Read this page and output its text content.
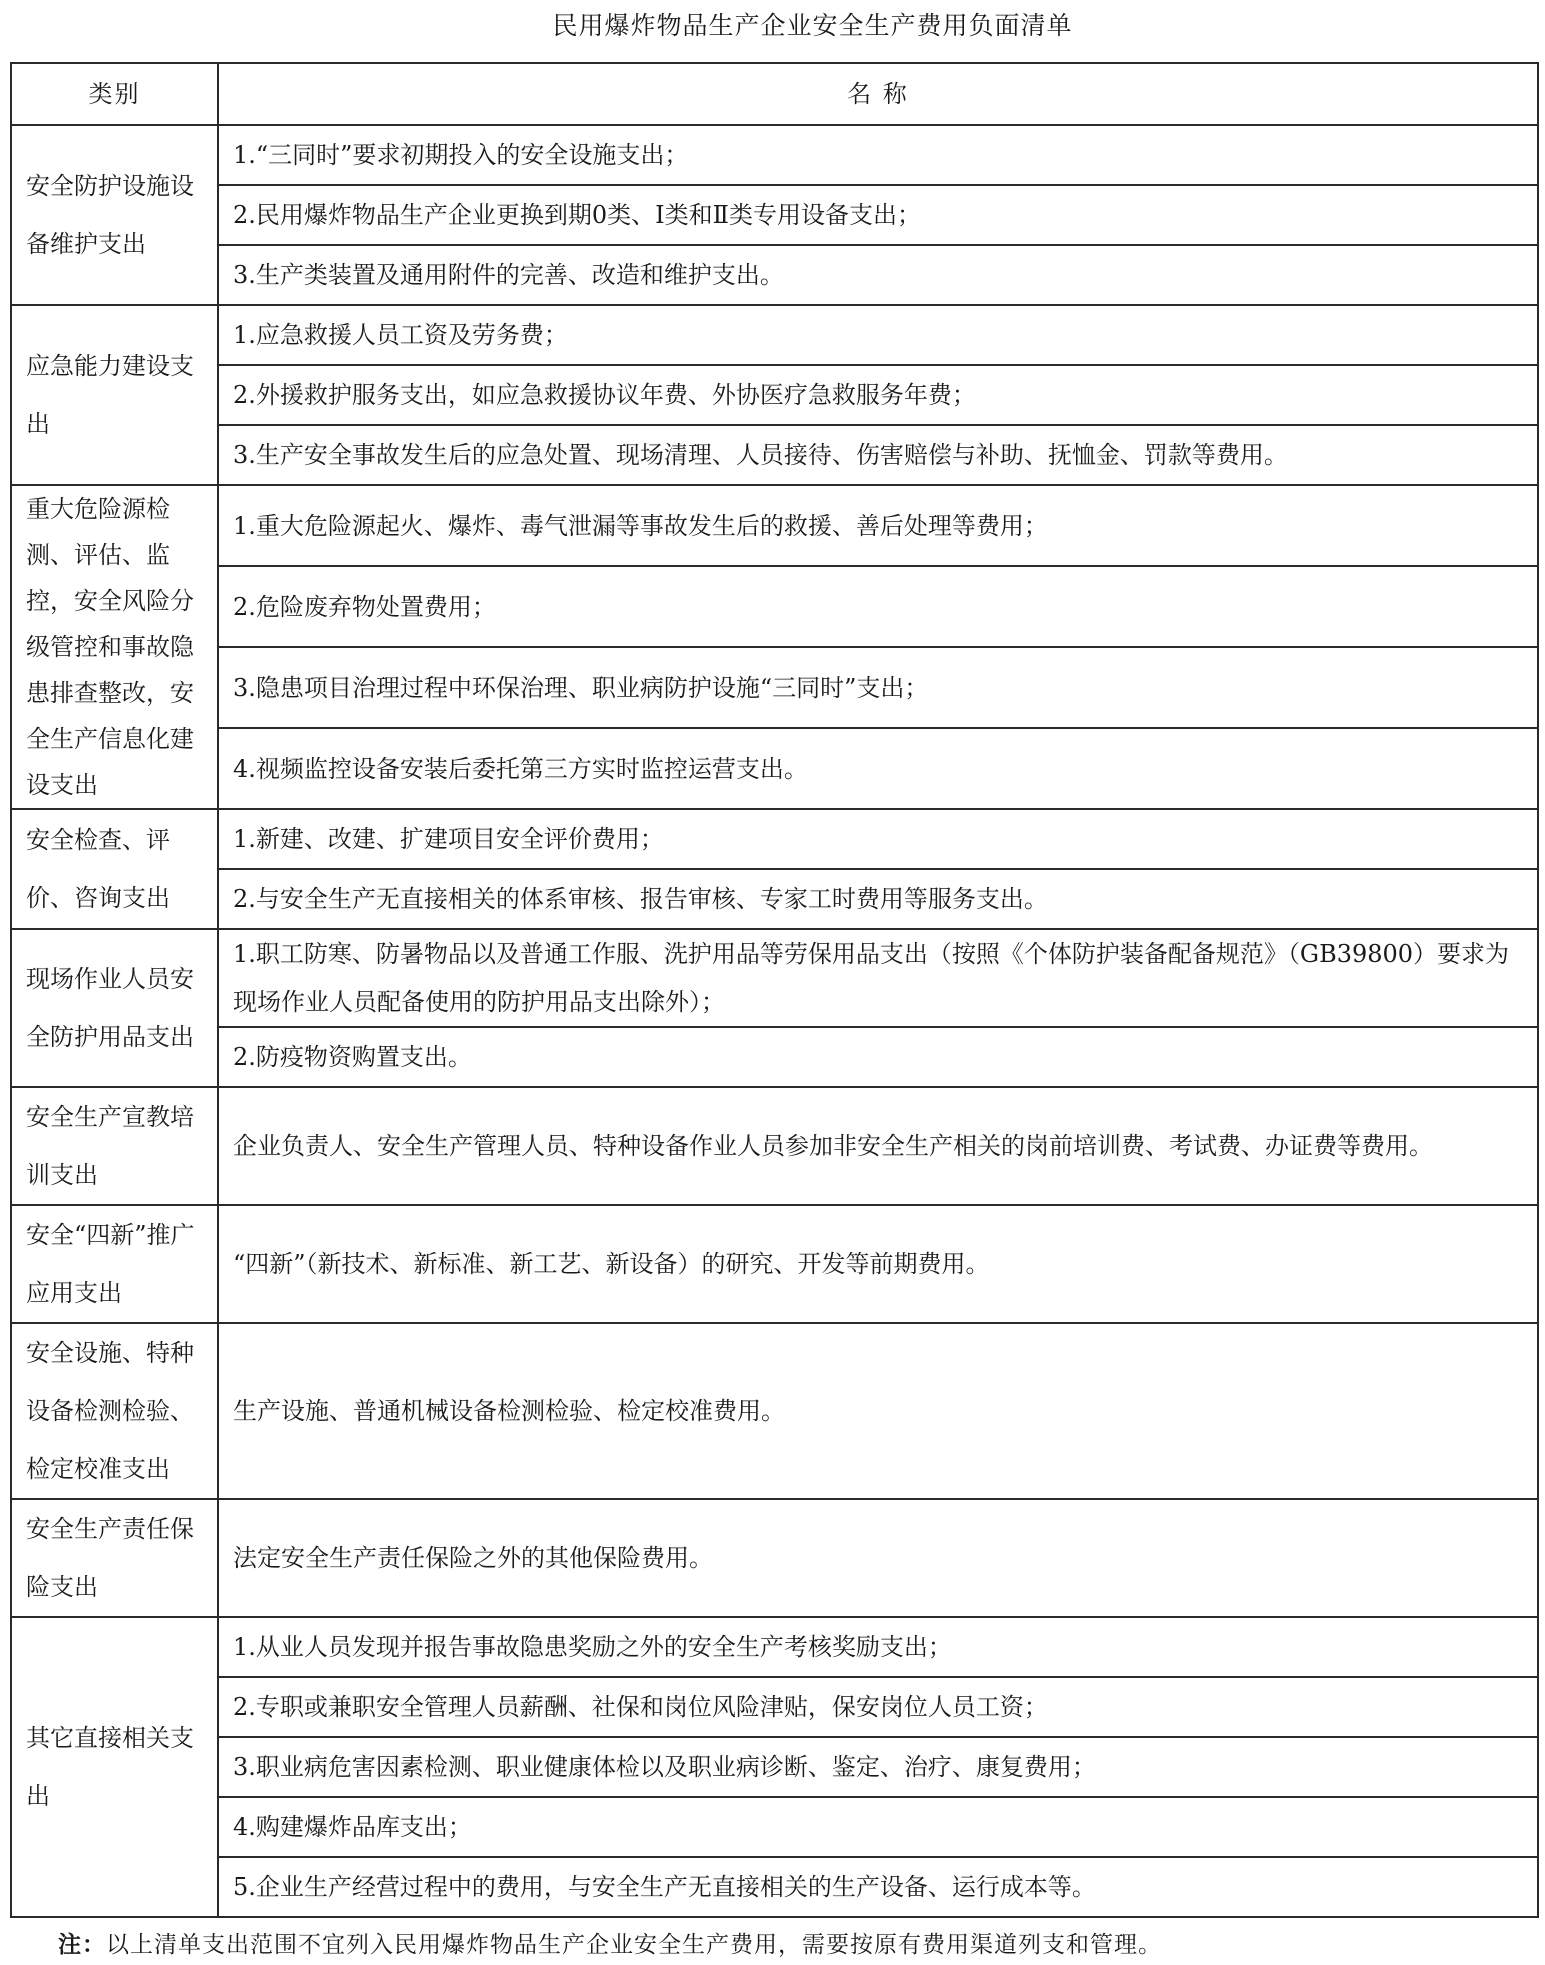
民用爆炸物品生产企业安全生产费用负面清单
类别	名 称
安全防护设施设备维护支出	1.“三同时”要求初期投入的安全设施支出；
	2.民用爆炸物品生产企业更换到期0类、I类和Ⅱ类专用设备支出；
	3.生产类装置及通用附件的完善、改造和维护支出。
应急能力建设支出	1.应急救援人员工资及劳务费；
	2.外援救护服务支出，如应急救援协议年费、外协医疗急救服务年费；
	3.生产安全事故发生后的应急处置、现场清理、人员接待、伤害赔偿与补助、抚恤金、罚款等费用。
重大危险源检测、评估、监控，安全风险分级管控和事故隐患排查整改，安全生产信息化建设支出	1.重大危险源起火、爆炸、毒气泄漏等事故发生后的救援、善后处理等费用；
	2.危险废弃物处置费用；
	3.隐患项目治理过程中环保治理、职业病防护设施“三同时”支出；
	4.视频监控设备安装后委托第三方实时监控运营支出。
安全检查、评价、咨询支出	1.新建、改建、扩建项目安全评价费用；
	2.与安全生产无直接相关的体系审核、报告审核、专家工时费用等服务支出。
现场作业人员安全防护用品支出	1.职工防寒、防暑物品以及普通工作服、洗护用品等劳保用品支出（按照《个体防护装备配备规范》（GB39800）要求为现场作业人员配备使用的防护用品支出除外）；
	2.防疫物资购置支出。
安全生产宣教培训支出	企业负责人、安全生产管理人员、特种设备作业人员参加非安全生产相关的岗前培训费、考试费、办证费等费用。
安全“四新”推广应用支出	“四新”（新技术、新标准、新工艺、新设备）的研究、开发等前期费用。
安全设施、特种设备检测检验、检定校准支出	生产设施、普通机械设备检测检验、检定校准费用。
安全生产责任保险支出	法定安全生产责任保险之外的其他保险费用。
其它直接相关支出	1.从业人员发现并报告事故隐患奖励之外的安全生产考核奖励支出；
	2.专职或兼职安全管理人员薪酬、社保和岗位风险津贴，保安岗位人员工资；
	3.职业病危害因素检测、职业健康体检以及职业病诊断、鉴定、治疗、康复费用；
	4.购建爆炸品库支出；
	5.企业生产经营过程中的费用，与安全生产无直接相关的生产设备、运行成本等。
注：以上清单支出范围不宜列入民用爆炸物品生产企业安全生产费用，需要按原有费用渠道列支和管理。
